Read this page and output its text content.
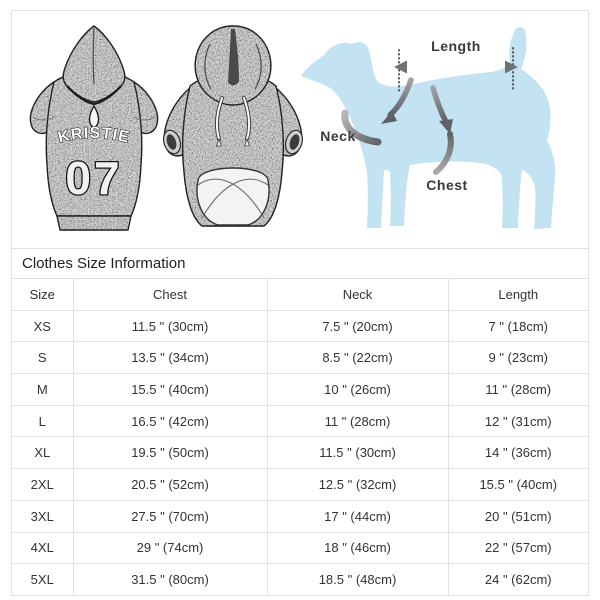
KRISTIE
07
Length
Neck
Chest
Clothes Size Information
Size	Chest	Neck	Length
XS	11.5 " (30cm)	7.5 " (20cm)	7 " (18cm)
S	13.5 " (34cm)	8.5 " (22cm)	9 " (23cm)
M	15.5 " (40cm)	10 " (26cm)	11 " (28cm)
L	16.5 " (42cm)	11 " (28cm)	12 " (31cm)
XL	19.5 " (50cm)	11.5 " (30cm)	14 " (36cm)
2XL	20.5 " (52cm)	12.5 " (32cm)	15.5 " (40cm)
3XL	27.5 " (70cm)	17 " (44cm)	20 " (51cm)
4XL	29 " (74cm)	18 " (46cm)	22 " (57cm)
5XL	31.5 " (80cm)	18.5 " (48cm)	24 " (62cm)
